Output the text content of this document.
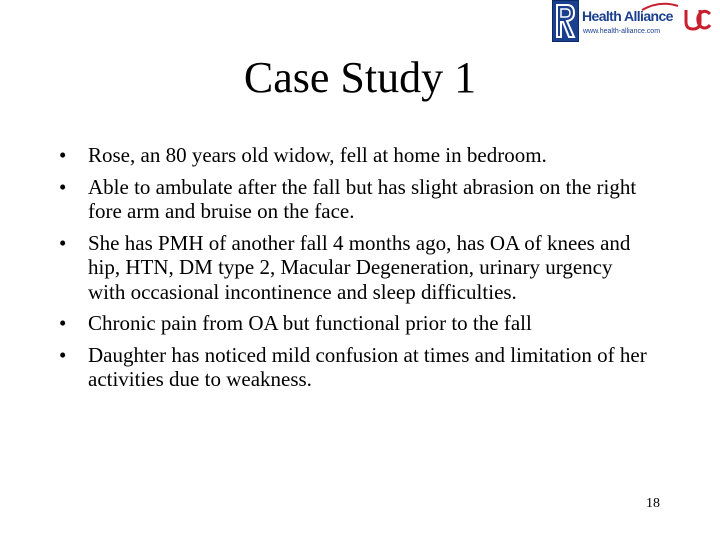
Health Alliance
www.health-alliance.com
Case Study 1
• Rose, an 80 years old widow, fell at home in bedroom.
• Able to ambulate after the fall but has slight abrasion on the right fore arm and bruise on the face.
• She has PMH of another fall 4 months ago, has OA of knees and hip, HTN, DM type 2, Macular Degeneration, urinary urgency with occasional incontinence and sleep difficulties.
• Chronic pain from OA but functional prior to the fall
• Daughter has noticed mild confusion at times and limitation of her activities due to weakness.
18
